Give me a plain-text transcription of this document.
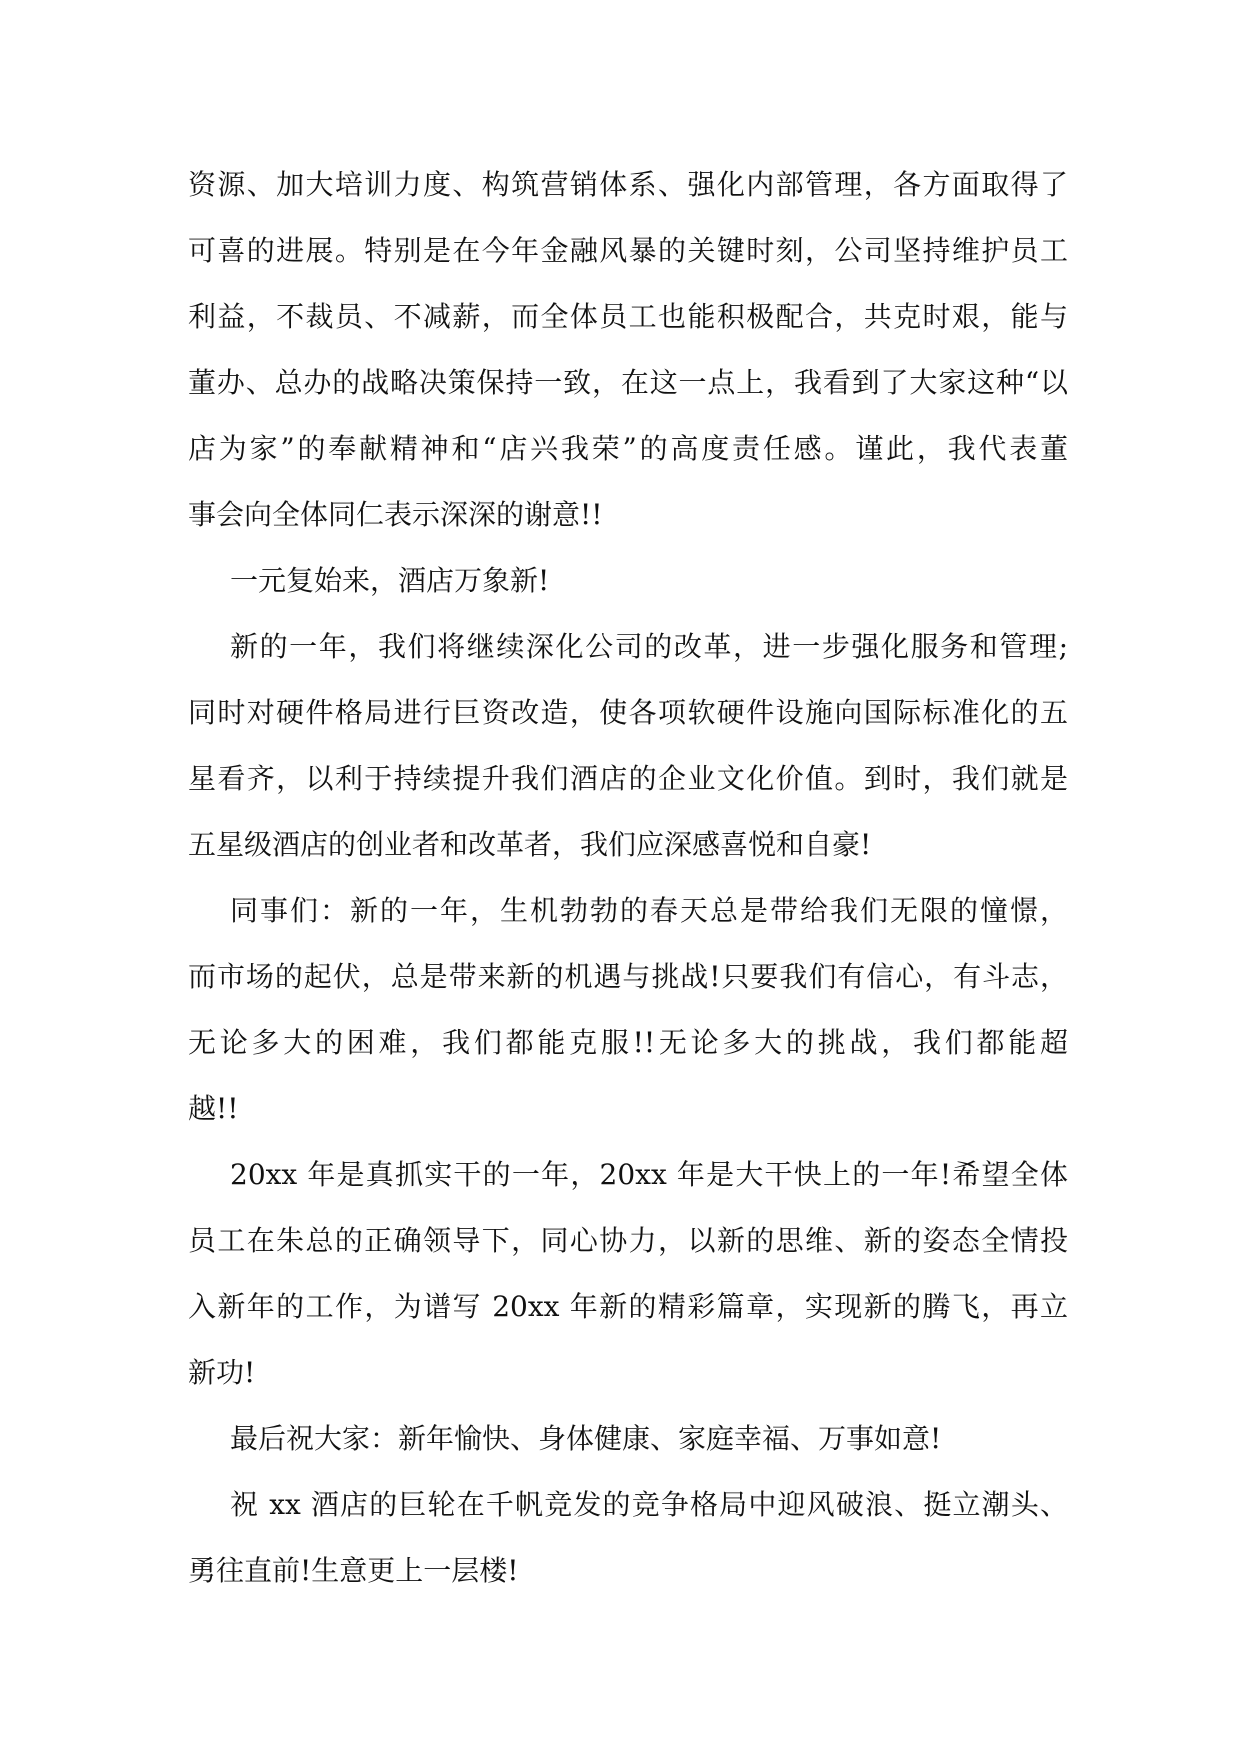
资源、加大培训力度、构筑营销体系、强化内部管理，各方面取得了
可喜的进展。特别是在今年金融风暴的关键时刻，公司坚持维护员工
利益，不裁员、不减薪，而全体员工也能积极配合，共克时艰，能与
董办、总办的战略决策保持一致，在这一点上，我看到了大家这种“以
店为家”的奉献精神和“店兴我荣”的高度责任感。谨此，我代表董
事会向全体同仁表示深深的谢意!!

一元复始来，酒店万象新!

新的一年，我们将继续深化公司的改革，进一步强化服务和管理;
同时对硬件格局进行巨资改造，使各项软硬件设施向国际标准化的五
星看齐，以利于持续提升我们酒店的企业文化价值。到时，我们就是
五星级酒店的创业者和改革者，我们应深感喜悦和自豪!

同事们：新的一年，生机勃勃的春天总是带给我们无限的憧憬，
而市场的起伏，总是带来新的机遇与挑战!只要我们有信心，有斗志，
无论多大的困难，我们都能克服!!无论多大的挑战，我们都能超
越!!

20xx 年是真抓实干的一年，20xx 年是大干快上的一年!希望全体
员工在朱总的正确领导下，同心协力，以新的思维、新的姿态全情投
入新年的工作，为谱写 20xx 年新的精彩篇章，实现新的腾飞，再立
新功!

最后祝大家：新年愉快、身体健康、家庭幸福、万事如意!

祝 xx 酒店的巨轮在千帆竞发的竞争格局中迎风破浪、挺立潮头、
勇往直前!生意更上一层楼!
